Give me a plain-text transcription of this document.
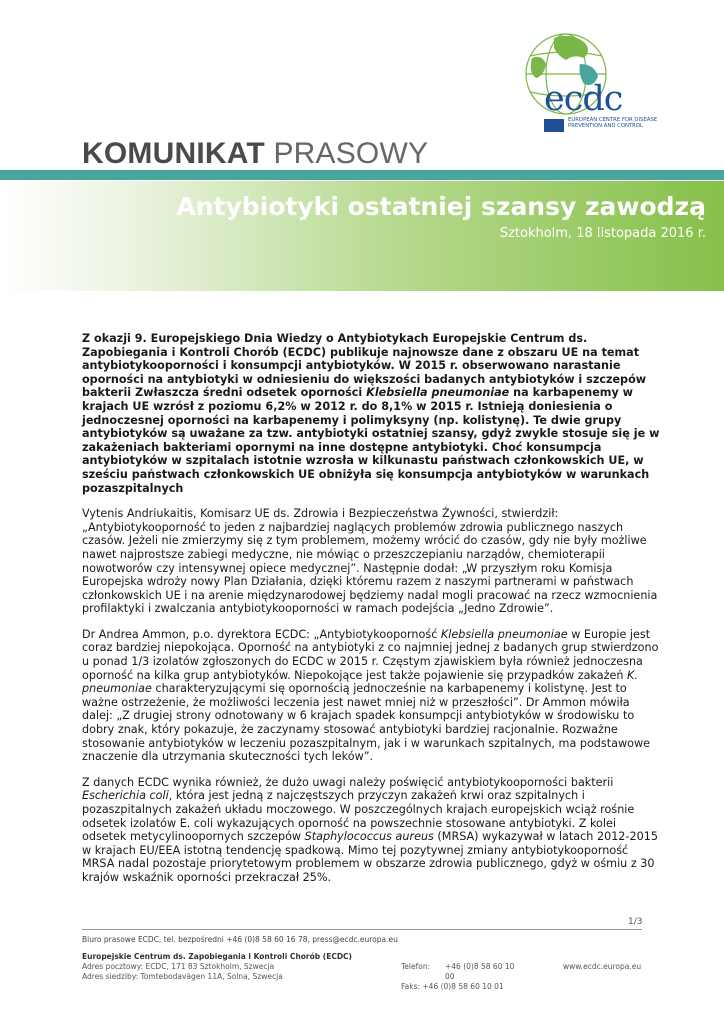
ecdc
EUROPEAN CENTRE FOR DISEASE PREVENTION AND CONTROL
KOMUNIKAT PRASOWY
Antybiotyki ostatniej szansy zawodzą
Sztokholm, 18 listopada 2016 r.

Z okazji 9. Europejskiego Dnia Wiedzy o Antybiotykach Europejskie Centrum ds. Zapobiegania i Kontroli Chorób (ECDC) publikuje najnowsze dane z obszaru UE na temat antybiotykooporności i konsumpcji antybiotyków. W 2015 r. obserwowano narastanie oporności na antybiotyki w odniesieniu do większości badanych antybiotyków i szczepów bakterii Zwłaszcza średni odsetek oporności Klebsiella pneumoniae na karbapenemy w krajach UE wzrósł z poziomu 6,2% w 2012 r. do 8,1% w 2015 r. Istnieją doniesienia o jednoczesnej oporności na karbapenemy i polimyksyny (np. kolistynę). Te dwie grupy antybiotyków są uważane za tzw. antybiotyki ostatniej szansy, gdyż zwykle stosuje się je w zakażeniach bakteriami opornymi na inne dostępne antybiotyki. Choć konsumpcja antybiotyków w szpitalach istotnie wzrosła w kilkunastu państwach członkowskich UE, w sześciu państwach członkowskich UE obniżyła się konsumpcja antybiotyków w warunkach pozaszpitalnych

Vytenis Andriukaitis, Komisarz UE ds. Zdrowia i Bezpieczeństwa Żywności, stwierdził: „Antybiotykooporność to jeden z najbardziej naglących problemów zdrowia publicznego naszych czasów. Jeżeli nie zmierzymy się z tym problemem, możemy wrócić do czasów, gdy nie były możliwe nawet najprostsze zabiegi medyczne, nie mówiąc o przeszczepianiu narządów, chemioterapii nowotworów czy intensywnej opiece medycznej”. Następnie dodał: „W przyszłym roku Komisja Europejska wdroży nowy Plan Działania, dzięki któremu razem z naszymi partnerami w państwach członkowskich UE i na arenie międzynarodowej będziemy nadal mogli pracować na rzecz wzmocnienia profilaktyki i zwalczania antybiotykooporności w ramach podejścia „Jedno Zdrowie”.

Dr Andrea Ammon, p.o. dyrektora ECDC: „Antybiotykooporność Klebsiella pneumoniae w Europie jest coraz bardziej niepokojąca. Oporność na antybiotyki z co najmniej jednej z badanych grup stwierdzono u ponad 1/3 izolatów zgłoszonych do ECDC w 2015 r. Częstym zjawiskiem była również jednoczesna oporność na kilka grup antybiotyków. Niepokojące jest także pojawienie się przypadków zakażeń K. pneumoniae charakteryzującymi się opornością jednocześnie na karbapenemy i kolistynę. Jest to ważne ostrzeżenie, że możliwości leczenia jest nawet mniej niż w przeszłości”. Dr Ammon mówiła dalej: „Z drugiej strony odnotowany w 6 krajach spadek konsumpcji antybiotyków w środowisku to dobry znak, który pokazuje, że zaczynamy stosować antybiotyki bardziej racjonalnie. Rozważne stosowanie antybiotyków w leczeniu pozaszpitalnym, jak i w warunkach szpitalnych, ma podstawowe znaczenie dla utrzymania skuteczności tych leków”.

Z danych ECDC wynika również, że dużo uwagi należy poświęcić antybiotykooporności bakterii Escherichia coli, która jest jedną z najczęstszych przyczyn zakażeń krwi oraz szpitalnych i pozaszpitalnych zakażeń układu moczowego. W poszczególnych krajach europejskich wciąż rośnie odsetek izolatów E. coli wykazujących oporność na powszechnie stosowane antybiotyki. Z kolei odsetek metycylinoopornych szczepów Staphylococcus aureus (MRSA) wykazywał w latach 2012-2015 w krajach EU/EEA istotną tendencję spadkową. Mimo tej pozytywnej zmiany antybiotykooporność MRSA nadal pozostaje priorytetowym problemem w obszarze zdrowia publicznego, gdyż w ośmiu z 30 krajów wskaźnik oporności przekraczał 25%.

1/3
Biuro prasowe ECDC, tel. bezpośredni +46 (0)8 58 60 16 78, press@ecdc.europa.eu
Europejskie Centrum ds. Zapobiegania i Kontroli Chorób (ECDC)
Adres pocztowy: ECDC, 171 83 Sztokholm, Szwecja
Adres siedziby: Tomtebodavägen 11A, Solna, Szwecja
Telefon: +46 (0)8 58 60 10 00
Faks: +46 (0)8 58 60 10 01
www.ecdc.europa.eu
